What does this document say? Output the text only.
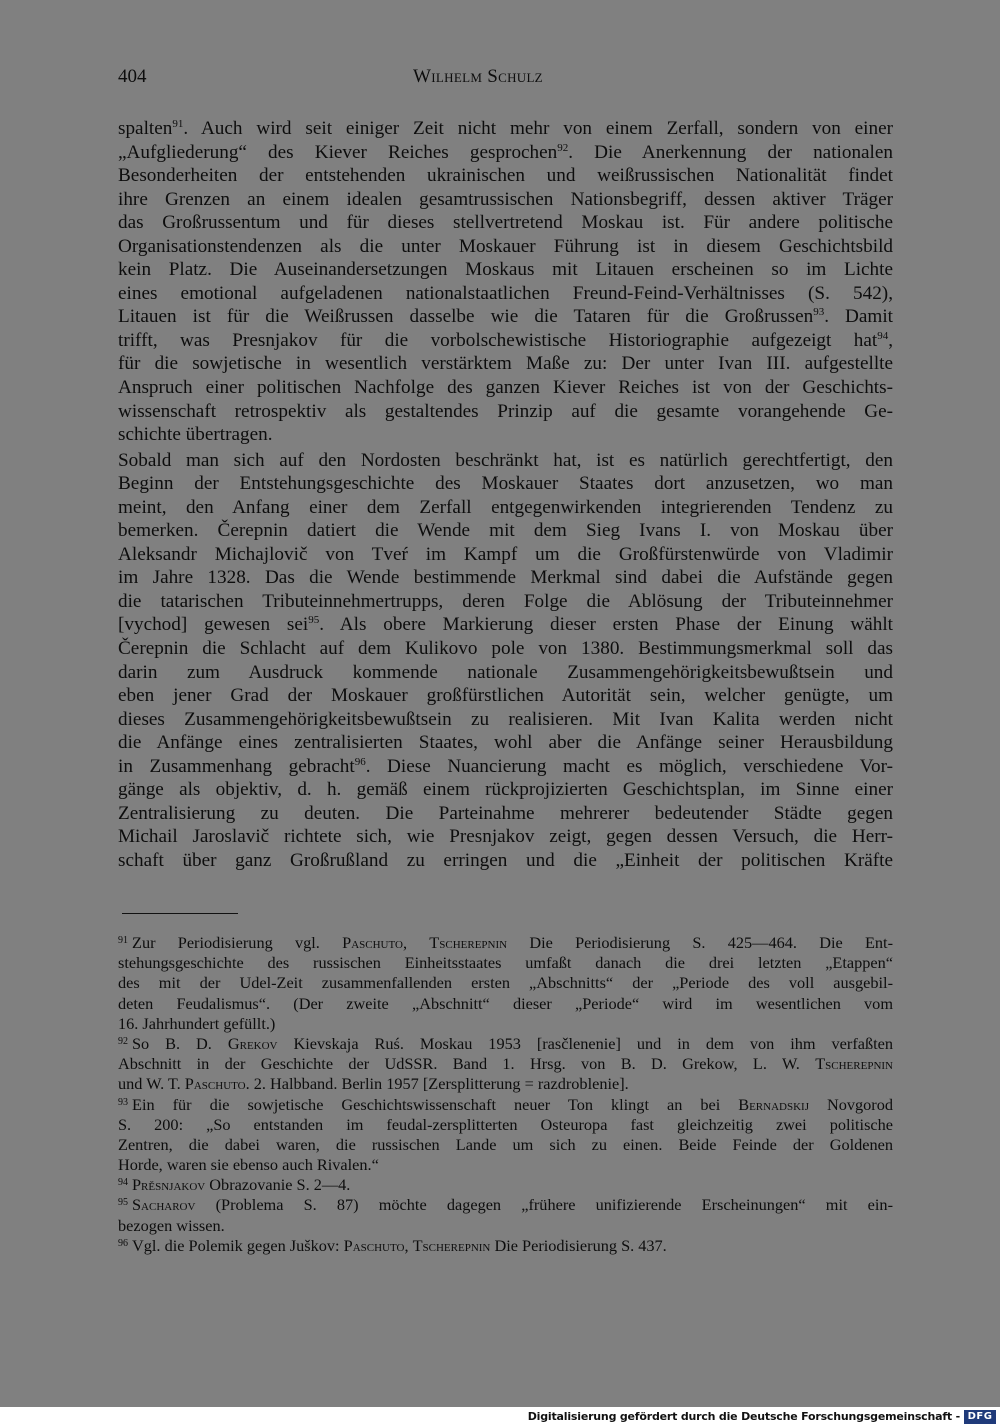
404	Wilhelm Schulz
spalten$^{91}$. Auch wird seit einiger Zeit nicht mehr von einem Zerfall, sondern von einer
„Aufgliederung“ des Kiever Reiches gesprochen$^{92}$. Die Anerkennung der nationalen
Besonderheiten der entstehenden ukrainischen und weißrussischen Nationalität findet
ihre Grenzen an einem idealen gesamtrussischen Nationsbegriff, dessen aktiver Träger
das Großrussentum und für dieses stellvertretend Moskau ist. Für andere politische
Organisationstendenzen als die unter Moskauer Führung ist in diesem Geschichtsbild
kein Platz. Die Auseinandersetzungen Moskaus mit Litauen erscheinen so im Lichte
eines emotional aufgeladenen nationalstaatlichen Freund-Feind-Verhältnisses (S. 542),
Litauen ist für die Weißrussen dasselbe wie die Tataren für die Großrussen$^{93}$. Damit
trifft, was Presnjakov für die vorbolschewistische Historiographie aufgezeigt hat$^{94}$,
für die sowjetische in wesentlich verstärktem Maße zu: Der unter Ivan III. aufgestellte
Anspruch einer politischen Nachfolge des ganzen Kiever Reiches ist von der Geschichts-
wissenschaft retrospektiv als gestaltendes Prinzip auf die gesamte vorangehende Ge-
schichte übertragen.
Sobald man sich auf den Nordosten beschränkt hat, ist es natürlich gerechtfertigt, den
Beginn der Entstehungsgeschichte des Moskauer Staates dort anzusetzen, wo man
meint, den Anfang einer dem Zerfall entgegenwirkenden integrierenden Tendenz zu
bemerken. Čerepnin datiert die Wende mit dem Sieg Ivans I. von Moskau über
Aleksandr Michajlovič von Tveŕ im Kampf um die Großfürstenwürde von Vladimir
im Jahre 1328. Das die Wende bestimmende Merkmal sind dabei die Aufstände gegen
die tatarischen Tributeinnehmertrupps, deren Folge die Ablösung der Tributeinnehmer
[vychod] gewesen sei$^{95}$. Als obere Markierung dieser ersten Phase der Einung wählt
Čerepnin die Schlacht auf dem Kulikovo pole von 1380. Bestimmungsmerkmal soll das
darin zum Ausdruck kommende nationale Zusammengehörigkeitsbewußtsein und
eben jener Grad der Moskauer großfürstlichen Autorität sein, welcher genügte, um
dieses Zusammengehörigkeitsbewußtsein zu realisieren. Mit Ivan Kalita werden nicht
die Anfänge eines zentralisierten Staates, wohl aber die Anfänge seiner Herausbildung
in Zusammenhang gebracht$^{96}$. Diese Nuancierung macht es möglich, verschiedene Vor-
gänge als objektiv, d. h. gemäß einem rückprojizierten Geschichtsplan, im Sinne einer
Zentralisierung zu deuten. Die Parteinahme mehrerer bedeutender Städte gegen
Michail Jaroslavič richtete sich, wie Presnjakov zeigt, gegen dessen Versuch, die Herr-
schaft über ganz Großrußland zu erringen und die „Einheit der politischen Kräfte
$^{91}$ Zur Periodisierung vgl. Paschuto, Tscherepnin Die Periodisierung S. 425—464. Die Ent-
stehungsgeschichte des russischen Einheitsstaates umfaßt danach die drei letzten „Etappen“
des mit der Udel-Zeit zusammenfallenden ersten „Abschnitts“ der „Periode des voll ausgebil-
deten Feudalismus“. (Der zweite „Abschnitt“ dieser „Periode“ wird im wesentlichen vom
16. Jahrhundert gefüllt.)
$^{92}$ So B. D. Grekov Kievskaja Ruś. Moskau 1953 [rasčlenenie] und in dem von ihm verfaßten
Abschnitt in der Geschichte der UdSSR. Band 1. Hrsg. von B. D. Grekow, L. W. Tscherepnin
und W. T. Paschuto. 2. Halbband. Berlin 1957 [Zersplitterung = razdroblenie].
$^{93}$ Ein für die sowjetische Geschichtswissenschaft neuer Ton klingt an bei Bernadskij Novgorod
S. 200: „So entstanden im feudal-zersplitterten Osteuropa fast gleichzeitig zwei politische
Zentren, die dabei waren, die russischen Lande um sich zu einen. Beide Feinde der Goldenen
Horde, waren sie ebenso auch Rivalen.“
$^{94}$ Prěsnjakov Obrazovanie S. 2—4.
$^{95}$ Sacharov (Problema S. 87) möchte dagegen „frühere unifizierende Erscheinungen“ mit ein-
bezogen wissen.
$^{96}$ Vgl. die Polemik gegen Juškov: Paschuto, Tscherepnin Die Periodisierung S. 437.
Digitalisierung gefördert durch die Deutsche Forschungsgemeinschaft - DFG
